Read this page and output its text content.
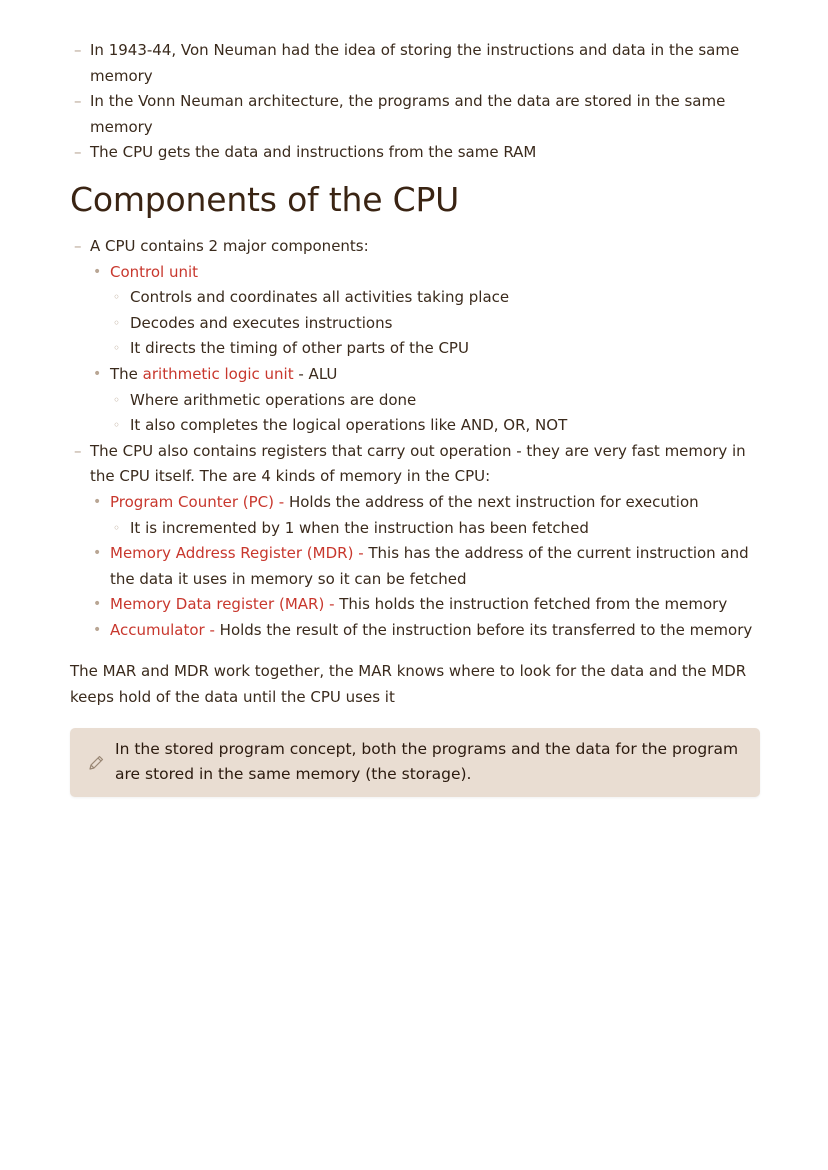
– In 1943-44, Von Neuman had the idea of storing the instructions and data in the same memory
– In the Vonn Neuman architecture, the programs and the data are stored in the same memory
– The CPU gets the data and instructions from the same RAM
Components of the CPU
– A CPU contains 2 major components:
• Control unit
◦ Controls and coordinates all activities taking place
◦ Decodes and executes instructions
◦ It directs the timing of other parts of the CPU
• The arithmetic logic unit - ALU
◦ Where arithmetic operations are done
◦ It also completes the logical operations like AND, OR, NOT
– The CPU also contains registers that carry out operation - they are very fast memory in the CPU itself. The are 4 kinds of memory in the CPU:
• Program Counter (PC) - Holds the address of the next instruction for execution
◦ It is incremented by 1 when the instruction has been fetched
• Memory Address Register (MDR) - This has the address of the current instruction and the data it uses in memory so it can be fetched
• Memory Data register (MAR) - This holds the instruction fetched from the memory
• Accumulator - Holds the result of the instruction before its transferred to the memory

The MAR and MDR work together, the MAR knows where to look for the data and the MDR keeps hold of the data until the CPU uses it

In the stored program concept, both the programs and the data for the program are stored in the same memory (the storage).
